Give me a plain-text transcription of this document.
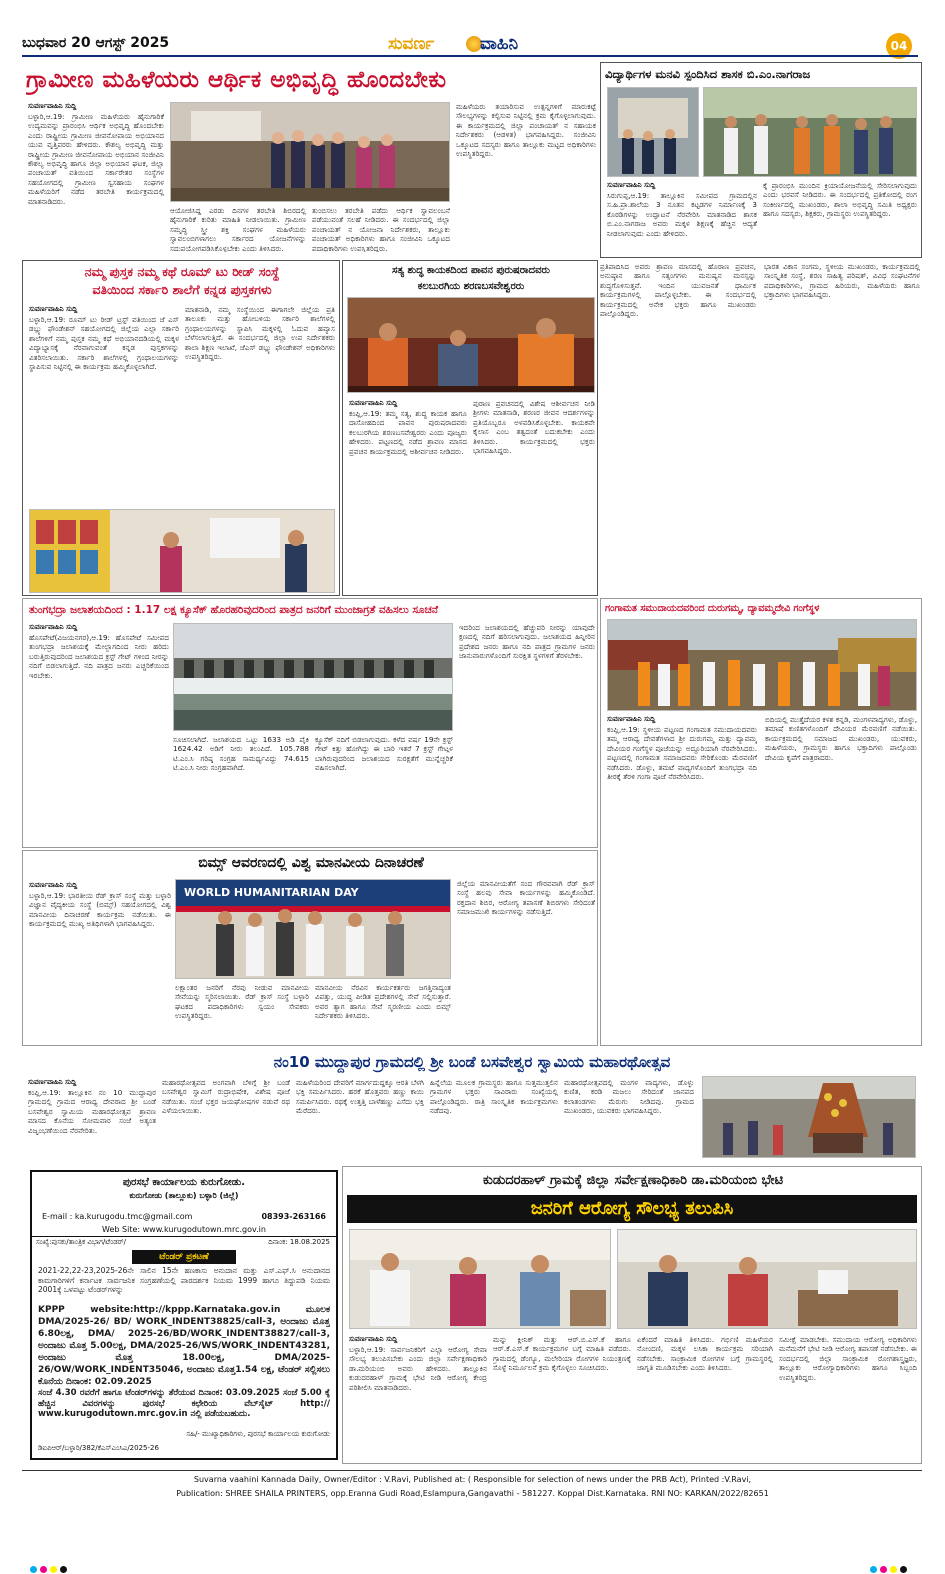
ಬುಧವಾರ 20 ಆಗಸ್ಟ್ 2025	ಸುವರ್ಣ	ವಾಹಿನಿ	04
ಗ್ರಾಮೀಣ ಮಹಿಳೆಯರು ಆರ್ಥಿಕ ಅಭಿವೃದ್ಧಿ ಹೊಂದಬೇಕು
ಸುವರ್ಣವಾಹಿನಿ ಸುದ್ದಿ
ಬಳ್ಳಾರಿ,ಆ.19: ಗ್ರಾಮೀಣ ಮಹಿಳೆಯರು ಹೈನುಗಾರಿಕೆ ಉದ್ಯಮವನ್ನು ಪ್ರಾರಂಭಿಸಿ ಆರ್ಥಿಕ ಅಭಿವೃದ್ಧಿ ಹೊಂದಬೇಕು ಎಂದು ರಾಷ್ಟ್ರೀಯ ಗ್ರಾಮೀಣ ಜೀವನೋಪಾಯ ಅಭಿಯಾನದ ಯುವ ವೃತ್ತಿಪರರು ಹೇಳಿದರು. ಕೌಶಲ್ಯ ಅಭಿವೃದ್ಧಿ ಮತ್ತು ರಾಷ್ಟ್ರೀಯ ಗ್ರಾಮೀಣ ಜೀವನೋಪಾಯ ಅಭಿಯಾನ ಸಂಜೀವಿನಿ ಕೌಶಲ್ಯ ಅಭಿವೃದ್ಧಿ ಹಾಗೂ ಜಿಲ್ಲಾ ಅಭಿಯಾನ ಘಟಕ, ಜಿಲ್ಲಾ ಪಂಚಾಯತ್ ವತಿಯಿಂದ ಸರ್ಕಾರೇತರ ಸಂಸ್ಥೆಗಳ ಸಹಯೋಗದಲ್ಲಿ ಗ್ರಾಮೀಣ ಸ್ವಸಹಾಯ ಸಂಘಗಳ ಮಹಿಳೆಯರಿಗೆ ನಡೆದ ತರಬೇತಿ ಕಾರ್ಯಕ್ರಮದಲ್ಲಿ ಮಾತನಾಡಿದರು.
ಆಯೋಜಿಸಿದ್ದ ಎರಡು ದಿನಗಳ ತರಬೇತಿ ಶಿಬಿರದಲ್ಲಿ ಹೈನುಗಾರಿಕೆ ಕುರಿತು ಮಾಹಿತಿ ನೀಡಲಾಯಿತು. ಗ್ರಾಮೀಣ ಸಮೃದ್ಧಿ ಸ್ತ್ರೀ ಶಕ್ತಿ ಸಂಘಗಳ ಮಹಿಳೆಯರು ಸ್ವಾವಲಂಬಿಗಳಾಗಲು ಸರ್ಕಾರದ ಯೋಜನೆಗಳನ್ನು ಸದುಪಯೋಗಪಡಿಸಿಕೊಳ್ಳಬೇಕು ಎಂದು ತಿಳಿಸಿದರು.
ತುಂಬಿಸಲು ತರಬೇತಿ ಪಡೆದು ಆರ್ಥಿಕ ಸ್ವಾವಲಂಬನೆ ಪಡೆಯುವಂತೆ ಸಲಹೆ ನೀಡಿದರು. ಈ ಸಂದರ್ಭದಲ್ಲಿ ಜಿಲ್ಲಾ ಪಂಚಾಯತ್ ನ ಯೋಜನಾ ನಿರ್ದೇಶಕರು, ತಾಲ್ಲೂಕು ಪಂಚಾಯತ್ ಅಧಿಕಾರಿಗಳು ಹಾಗೂ ಸಂಜೀವಿನಿ ಒಕ್ಕೂಟದ ಪದಾಧಿಕಾರಿಗಳು ಉಪಸ್ಥಿತರಿದ್ದರು.
ಮಹಿಳೆಯರು ತಯಾರಿಸುವ ಉತ್ಪನ್ನಗಳಿಗೆ ಮಾರುಕಟ್ಟೆ ಸೌಲಭ್ಯಗಳನ್ನು ಕಲ್ಪಿಸುವ ನಿಟ್ಟಿನಲ್ಲಿ ಕ್ರಮ ಕೈಗೊಳ್ಳಲಾಗುವುದು. ಈ ಕಾರ್ಯಕ್ರಮದಲ್ಲಿ ಜಿಲ್ಲಾ ಪಂಚಾಯತ್ ನ ಸಹಾಯಕ ನಿರ್ದೇಶಕರು (ಆಡಳಿತ) ಭಾಗವಹಿಸಿದ್ದರು. ಸಂಜೀವಿನಿ ಒಕ್ಕೂಟದ ಸದಸ್ಯರು ಹಾಗೂ ತಾಲ್ಲೂಕು ಮಟ್ಟದ ಅಧಿಕಾರಿಗಳು ಉಪಸ್ಥಿತರಿದ್ದರು.
ವಿದ್ಯಾರ್ಥಿಗಳ ಮನವಿ ಸ್ಪಂದಿಸಿದ ಶಾಸಕ ಬಿ.ಎಂ.ನಾಗರಾಜ
ಸುವರ್ಣವಾಹಿನಿ ಸುದ್ದಿ
ಸಿರುಗುಪ್ಪ,ಆ.19: ತಾಲ್ಲೂಕಿನ ಸಮೀಪದ ಗ್ರಾಮದಲ್ಲಿನ ಸ.ಹಿ.ಪ್ರಾ.ಶಾಲೆಯ 3 ನೂತನ ಕಟ್ಟಡಗಳ ನಿರ್ಮಾಣಕ್ಕೆ 3 ಕೊಠಡಿಗಳನ್ನು ಉದ್ಘಾಟನೆ ನೆರವೇರಿಸಿ ಮಾತನಾಡಿದ ಶಾಸಕ ಬಿ.ಎಂ.ನಾಗರಾಜ ಅವರು ಮಕ್ಕಳ ಶಿಕ್ಷಣಕ್ಕೆ ಹೆಚ್ಚಿನ ಆದ್ಯತೆ ನೀಡಲಾಗುವುದು ಎಂದು ಹೇಳಿದರು.
ಕ್ಕೆ ಪ್ರಾರಂಭಿಸಿ ಮುಂದಿನ ಕ್ರಿಯಾಯೋಜನೆಯಲ್ಲಿ ಸೇರಿಸಲಾಗುವುದು ಎಂದು ಭರವಸೆ ನೀಡಿದರು. ಈ ಸಂದರ್ಭದಲ್ಲಿ ಪ್ರತಿಕೋದಲ್ಲಿ ರಂಗ ಸಂಕೀರ್ಣದಲ್ಲಿ ಮುಖಂಡರು, ಶಾಲಾ ಅಭಿವೃದ್ಧಿ ಸಮಿತಿ ಅಧ್ಯಕ್ಷರು ಹಾಗೂ ಸದಸ್ಯರು, ಶಿಕ್ಷಕರು, ಗ್ರಾಮಸ್ಥರು ಉಪಸ್ಥಿತರಿದ್ದರು.
ನಮ್ಮ ಪುಸ್ತಕ ನಮ್ಮ ಕಥೆ ರೂಮ್ ಟು ರೀಡ್ ಸಂಸ್ಥೆ
ವತಿಯಿಂದ ಸರ್ಕಾರಿ ಶಾಲೆಗೆ ಕನ್ನಡ ಪುಸ್ತಕಗಳು
ಸುವರ್ಣವಾಹಿನಿ ಸುದ್ದಿ
ಬಳ್ಳಾರಿ,ಆ.19: ರೂಮ್ ಟು ರೀಡ್ ಟ್ರಸ್ಟ್ ವತಿಯಿಂದ ಜೆ ಎಸ್ ಡಬ್ಲ್ಯು ಫೌಂಡೇಶನ್ ಸಹಯೋಗದಲ್ಲಿ ಜಿಲ್ಲೆಯ ಎಲ್ಲಾ ಸರ್ಕಾರಿ ಶಾಲೆಗಳಿಗೆ ನಮ್ಮ ಪುಸ್ತಕ ನಮ್ಮ ಕಥೆ ಅಭಿಯಾನದಡಿಯಲ್ಲಿ ಮಕ್ಕಳ ವಿದ್ಯಾಭ್ಯಾಸಕ್ಕೆ ನೆರವಾಗುವಂತೆ ಕನ್ನಡ ಪುಸ್ತಕಗಳನ್ನು ವಿತರಿಸಲಾಯಿತು. ಸರ್ಕಾರಿ ಶಾಲೆಗಳಲ್ಲಿ ಗ್ರಂಥಾಲಯಗಳನ್ನು ಸ್ಥಾಪಿಸುವ ನಿಟ್ಟಿನಲ್ಲಿ ಈ ಕಾರ್ಯಕ್ರಮ ಹಮ್ಮಿಕೊಳ್ಳಲಾಗಿದೆ.
ಮಾತನಾಡಿ, ನಮ್ಮ ಸಂಸ್ಥೆಯಿಂದ ಈಗಾಗಲೇ ಜಿಲ್ಲೆಯ ಪ್ರತಿ ತಾಲೂಕು ಮತ್ತು ಹೋಬಳಿಯ ಸರ್ಕಾರಿ ಶಾಲೆಗಳಲ್ಲಿ ಗ್ರಂಥಾಲಯಗಳನ್ನು ಸ್ಥಾಪಿಸಿ ಮಕ್ಕಳಲ್ಲಿ ಓದುವ ಹವ್ಯಾಸ ಬೆಳೆಸಲಾಗುತ್ತಿದೆ. ಈ ಸಂದರ್ಭದಲ್ಲಿ ಜಿಲ್ಲಾ ಉಪ ನಿರ್ದೇಶಕರು ಶಾಲಾ ಶಿಕ್ಷಣ ಇಲಾಖೆ, ಜೆಎಸ್ ಡಬ್ಲ್ಯು ಫೌಂಡೇಶನ್ ಅಧಿಕಾರಿಗಳು ಉಪಸ್ಥಿತರಿದ್ದರು.
ಸತ್ಯ ಶುದ್ಧ ಕಾಯಕದಿಂದ ಪಾವನ ಪುರುಷರಾದವರು
ಕಲಬುರಗಿಯ ಶರಣಬಸವೇಶ್ವರರು
ಸುವರ್ಣವಾಹಿನಿ ಸುದ್ದಿ
ಕಂಪ್ಲಿ,ಆ.19: ತಮ್ಮ ಸತ್ಯ, ಶುದ್ಧ ಕಾಯಕ ಹಾಗೂ ದಾಸೋಹದಿಂದ ಪಾವನ ಪುರುಷರಾದವರು ಕಲಬುರಗಿಯ ಶರಣಬಸವೇಶ್ವರರು ಎಂದು ಪೂಜ್ಯರು ಹೇಳಿದರು. ಪಟ್ಟಣದಲ್ಲಿ ನಡೆದ ಶ್ರಾವಣ ಮಾಸದ ಪ್ರವಚನ ಕಾರ್ಯಕ್ರಮದಲ್ಲಿ ಆಶೀರ್ವಚನ ನೀಡಿದರು.
ಪುರಾಣ ಪ್ರವಚನದಲ್ಲಿ ವಿಶೇಷ ಆಶೀರ್ವಚನ ನೀಡಿ ಶ್ರೀಗಳು ಮಾತನಾಡಿ, ಶರಣರ ಜೀವನ ಆದರ್ಶಗಳನ್ನು ಪ್ರತಿಯೊಬ್ಬರೂ ಅಳವಡಿಸಿಕೊಳ್ಳಬೇಕು. ಕಾಯಕವೇ ಕೈಲಾಸ ಎಂಬ ತತ್ವದಂತೆ ಬದುಕಬೇಕು ಎಂದು ತಿಳಿಸಿದರು. ಕಾರ್ಯಕ್ರಮದಲ್ಲಿ ಭಕ್ತರು ಭಾಗವಹಿಸಿದ್ದರು.
ಪ್ರತಿಪಾದಿಸಿದ ಅವರು ಶ್ರಾವಣ ಮಾಸದಲ್ಲಿ ಹೊರಾಣ ಪ್ರವಚನ, ಅನುಷ್ಠಾನ ಹಾಗೂ ಸತ್ಸಂಗಗಳು ಮನುಷ್ಯನ ಮನಸ್ಸನ್ನು ಶುದ್ಧಗೊಳಿಸುತ್ತವೆ. ಇಂದಿನ ಯುವಜನತೆ ಧಾರ್ಮಿಕ ಕಾರ್ಯಕ್ರಮಗಳಲ್ಲಿ ಪಾಲ್ಗೊಳ್ಳಬೇಕು. ಈ ಸಂದರ್ಭದಲ್ಲಿ ಕಾರ್ಯಕ್ರಮದಲ್ಲಿ ಅನೇಕ ಭಕ್ತರು ಹಾಗೂ ಮುಖಂಡರು ಪಾಲ್ಗೊಂಡಿದ್ದರು.
ಭಾರತ ವಿಕಾಸ ಸಂಗಮ, ಸ್ಥಳೀಯ ಮುಖಂಡರು, ಕಾರ್ಯಕ್ರಮದಲ್ಲಿ ಸಾಂಸ್ಕೃತಿಕ ಸಂಸ್ಥೆ, ಶರಣ ಸಾಹಿತ್ಯ ಪರಿಷತ್, ವಿವಿಧ ಸಂಘಟನೆಗಳ ಪದಾಧಿಕಾರಿಗಳು, ಗ್ರಾಮದ ಹಿರಿಯರು, ಮಹಿಳೆಯರು ಹಾಗೂ ಭಕ್ತಾದಿಗಳು ಭಾಗವಹಿಸಿದ್ದರು.
ತುಂಗಭದ್ರಾ ಜಲಾಶಯದಿಂದ : 1.17 ಲಕ್ಷ ಕ್ಯೂಸೆಕ್ ಹೊರಹರಿವುದರಿಂದ ಪಾತ್ರದ ಜನರಿಗೆ ಮುಂಜಾಗ್ರತೆ ವಹಿಸಲು ಸೂಚನೆ
ಸುವರ್ಣವಾಹಿನಿ ಸುದ್ದಿ
ಹೊಸಪೇಟೆ(ವಿಜಯನಗರ),ಆ.19: ಹೊಸಪೇಟೆ ಸಮೀಪದ ತುಂಗಭದ್ರಾ ಜಲಾಶಯಕ್ಕೆ ಮೇಲ್ಭಾಗದಿಂದ ನೀರು ಹರಿದು ಬರುತ್ತಿರುವುದರಿಂದ ಜಲಾಶಯದ ಕ್ರಸ್ಟ್ ಗೇಟ್ ಗಳಿಂದ ನೀರನ್ನು ನದಿಗೆ ಬಿಡಲಾಗುತ್ತಿದೆ. ನದಿ ಪಾತ್ರದ ಜನರು ಎಚ್ಚರಿಕೆಯಿಂದ ಇರಬೇಕು.
ಸೂಚಿಸಲಾಗಿದೆ. ಜಲಾಶಯದ ಒಟ್ಟು 1633 ಅಡಿ ಪೈಕಿ 1624.42 ಅಡಿಗೆ ನೀರು ತಲುಪಿದೆ. 105.788 ಟಿ.ಎಂ.ಸಿ ಗರಿಷ್ಠ ಸಂಗ್ರಹ ಸಾಮರ್ಥ್ಯವಿದ್ದು 74.615 ಟಿ.ಎಂ.ಸಿ ನೀರು ಸಂಗ್ರಹವಾಗಿದೆ.
ಕ್ಯೂಸೆಕ್ ನದಿಗೆ ಬಿಡಲಾಗುವುದು. ಕಳೆದ ವರ್ಷ 19ನೇ ಕ್ರಸ್ಟ್ ಗೇಟ್ ಕಿತ್ತು ಹೋಗಿದ್ದು ಈ ಬಾರಿ ಇತರೆ 7 ಕ್ರಸ್ಟ್ ಗೇಟ್ಗಳ ಬಾಗಿರುವುದರಿಂದ ಜಲಾಶಯದ ಸುರಕ್ಷತೆಗೆ ಮುನ್ನೆಚ್ಚರಿಕೆ ವಹಿಸಲಾಗಿದೆ.
ಇದರಿಂದ ಜಲಾಶಯದಲ್ಲಿ ಹೆಚ್ಚುವರಿ ನೀರನ್ನು ಯಾವುದೇ ಕ್ಷಣದಲ್ಲಿ ನದಿಗೆ ಹರಿಸಲಾಗುವುದು. ಜಲಾಶಯದ ಹಿನ್ನೀರಿನ ಪ್ರದೇಶದ ಜನರು ಹಾಗೂ ನದಿ ಪಾತ್ರದ ಗ್ರಾಮಗಳ ಜನರು ಜಾನುವಾರುಗಳೊಂದಿಗೆ ಸುರಕ್ಷಿತ ಸ್ಥಳಗಳಿಗೆ ತೆರಳಬೇಕು.
ಗಂಗಾಮತ ಸಮುದಾಯದವರಿಂದ ದುರುಗಮ್ಮ, ದ್ಯಾವಮ್ಮದೇವಿ ಗಂಗೆಸ್ಥಳ
ಸುವರ್ಣವಾಹಿನಿ ಸುದ್ದಿ
ಕಂಪ್ಲಿ,ಆ.19: ಸ್ಥಳೀಯ ಪಟ್ಟಣದ ಗಂಗಾಮತ ಸಮುದಾಯದವರು ತಮ್ಮ ಆರಾಧ್ಯ ದೇವತೆಗಳಾದ ಶ್ರೀ ದುರುಗಮ್ಮ ಮತ್ತು ದ್ಯಾವಮ್ಮ ದೇವಿಯರ ಗಂಗೆಸ್ಥಳ ಪೂಜೆಯನ್ನು ಅದ್ದೂರಿಯಾಗಿ ನೆರವೇರಿಸಿದರು. ಪಟ್ಟಣದಲ್ಲಿ ಗಂಗಾಮತ ಸಮಾಜದವರು ಸೇರಿಕೊಂಡು ಮೆರವಣಿಗೆ ನಡೆಸಿದರು. ಡೊಳ್ಳು, ತಮಟೆ ವಾದ್ಯಗಳೊಂದಿಗೆ ತುಂಗಭದ್ರಾ ನದಿ ತೀರಕ್ಕೆ ತೆರಳಿ ಗಂಗಾ ಪೂಜೆ ನೆರವೇರಿಸಿದರು.
ಬಿದಿಯಲ್ಲಿ ಮುತ್ತೈದೆಯರ ಕಳಶ ಕನ್ನಡಿ, ಮಂಗಳವಾದ್ಯಗಳು, ಡೊಳ್ಳು, ತಮಾಷೆ ಕುಣಿತಗಳೊಂದಿಗೆ ದೇವಿಯರ ಮೆರವಣಿಗೆ ನಡೆಯಿತು. ಕಾರ್ಯಕ್ರಮದಲ್ಲಿ ಸಮಾಜದ ಮುಖಂಡರು, ಯುವಕರು, ಮಹಿಳೆಯರು, ಗ್ರಾಮಸ್ಥರು ಹಾಗೂ ಭಕ್ತಾದಿಗಳು ಪಾಲ್ಗೊಂಡು ದೇವಿಯ ಕೃಪೆಗೆ ಪಾತ್ರರಾದರು.
ಬಿಮ್ಸ್ ಆವರಣದಲ್ಲಿ ವಿಶ್ವ ಮಾನವೀಯ ದಿನಾಚರಣೆ
ಸುವರ್ಣವಾಹಿನಿ ಸುದ್ದಿ
ಬಳ್ಳಾರಿ,ಆ.19: ಭಾರತೀಯ ರೆಡ್ ಕ್ರಾಸ್ ಸಂಸ್ಥೆ ಮತ್ತು ಬಳ್ಳಾರಿ ವಿಜ್ಞಾನ ವೈದ್ಯಕೀಯ ಸಂಸ್ಥೆ (ಬಿಮ್ಸ್) ಸಹಯೋಗದಲ್ಲಿ ವಿಶ್ವ ಮಾನವೀಯ ದಿನಾಚರಣೆ ಕಾರ್ಯಕ್ರಮ ನಡೆಯಿತು. ಈ ಕಾರ್ಯಕ್ರಮದಲ್ಲಿ ಮುಖ್ಯ ಅತಿಥಿಗಳಾಗಿ ಭಾಗವಹಿಸಿದ್ದರು.
WORLD HUMANITARIAN DAY
ಲಕ್ಷಾಂತರ ಜನರಿಗೆ ನೆರವು ನೀಡುವ ಮಾನವೀಯ ಸೇವೆಯನ್ನು ಸ್ಮರಿಸಲಾಯಿತು. ರೆಡ್ ಕ್ರಾಸ್ ಸಂಸ್ಥೆ ಬಳ್ಳಾರಿ ಘಟಕದ ಪದಾಧಿಕಾರಿಗಳು ಸ್ವಯಂ ಸೇವಕರು ಉಪಸ್ಥಿತರಿದ್ದರು.
ಮಾನವೀಯ ನೆರವಿನ ಕಾರ್ಯಕರ್ತರು ಜಗತ್ತಿನಾದ್ಯಂತ ವಿಪತ್ತು, ಯುದ್ಧ ಪೀಡಿತ ಪ್ರದೇಶಗಳಲ್ಲಿ ಸೇವೆ ಸಲ್ಲಿಸುತ್ತಾರೆ. ಅವರ ತ್ಯಾಗ ಹಾಗೂ ಸೇವೆ ಸ್ಮರಣೀಯ ಎಂದು ಬಿಮ್ಸ್ ನಿರ್ದೇಶಕರು ತಿಳಿಸಿದರು.
ಜಿಲ್ಲೆಯ ಮಾನವೀಯತೆಗೆ ಸಂದ ಗೌರವವಾಗಿ ರೆಡ್ ಕ್ರಾಸ್ ಸಂಸ್ಥೆ ಹಲವು ಸೇವಾ ಕಾರ್ಯಗಳನ್ನು ಹಮ್ಮಿಕೊಂಡಿದೆ. ರಕ್ತದಾನ ಶಿಬಿರ, ಆರೋಗ್ಯ ತಪಾಸಣೆ ಶಿಬಿರಗಳು ಸೇರಿದಂತೆ ಸಮಾಜಮುಖಿ ಕಾರ್ಯಗಳನ್ನು ನಡೆಸುತ್ತಿದೆ.
ನಂ10 ಮುದ್ದಾಪುರ ಗ್ರಾಮದಲ್ಲಿ ಶ್ರೀ ಬಂಡೆ ಬಸವೇಶ್ವರ ಸ್ವಾಮಿಯ ಮಹಾರಥೋತ್ಸವ
ಸುವರ್ಣವಾಹಿನಿ ಸುದ್ದಿ
ಕಂಪ್ಲಿ,ಆ.19: ತಾಲ್ಲೂಕಿನ ನಂ 10 ಮುದ್ದಾಪುರ ಗ್ರಾಮದಲ್ಲಿ ಗ್ರಾಮದ ಆರಾಧ್ಯ ದೇವರಾದ ಶ್ರೀ ಬಂಡೆ ಬಸವೇಶ್ವರ ಸ್ವಾಮಿಯ ಮಹಾರಥೋತ್ಸವ ಶ್ರಾವಣ ಮಾಸದ ಕೊನೆಯ ಸೋಮವಾರ ಸಂಜೆ ಅತ್ಯಂತ ವಿಜೃಂಭಣೆಯಿಂದ ನೆರವೇರಿತು.
ಮಹಾರಥೋತ್ಸವದ ಅಂಗವಾಗಿ ಬೆಳಿಗ್ಗೆ ಶ್ರೀ ಬಂಡೆ ಬಸವೇಶ್ವರ ಸ್ವಾಮಿಗೆ ರುದ್ರಾಭಿಷೇಕ, ವಿಶೇಷ ಪೂಜೆ ನಡೆಯಿತು. ಸಂಜೆ ಭಕ್ತರ ಜಯಘೋಷಗಳ ನಡುವೆ ರಥ ಎಳೆಯಲಾಯಿತು.
ಮಹಿಳೆಯರಿಂದ ದೇವರಿಗೆ ಮಾರ್ಗದುದ್ದಕ್ಕೂ ಆರತಿ ಬೆಳಗಿ ಭಕ್ತಿ ಸಮರ್ಪಿಸಿದರು. ಹರಕೆ ಹೊತ್ತವರು ಹಣ್ಣು ಕಾಯಿ ಸಮರ್ಪಿಸಿದರು. ರಥಕ್ಕೆ ಉತ್ತತ್ತಿ ಬಾಳೆಹಣ್ಣು ಎಸೆದು ಭಕ್ತಿ ಮೆರೆದರು.
ಹಿನ್ನೆಲೆಯ ಮೂಲಕ ಗ್ರಾಮಸ್ಥರು ಹಾಗೂ ಸುತ್ತಮುತ್ತಲಿನ ಗ್ರಾಮಗಳ ಭಕ್ತರು ಸಾವಿರಾರು ಸಂಖ್ಯೆಯಲ್ಲಿ ಪಾಲ್ಗೊಂಡಿದ್ದರು. ರಾತ್ರಿ ಸಾಂಸ್ಕೃತಿಕ ಕಾರ್ಯಕ್ರಮಗಳು ನಡೆದವು.
ಮಹಾರಥೋತ್ಸವದಲ್ಲಿ ಮಂಗಳ ವಾದ್ಯಗಳು, ಡೊಳ್ಳು ಕುಣಿತ, ಕರಡಿ ಮಜಲು ಸೇರಿದಂತೆ ಜಾನಪದ ಕಲಾತಂಡಗಳು ಮೆರುಗು ನೀಡಿದವು. ಗ್ರಾಮದ ಮುಖಂಡರು, ಯುವಕರು ಭಾಗವಹಿಸಿದ್ದರು.
ಪುರಸಭೆ ಕಾರ್ಯಾಲಯ ಕುರುಗೋಡು.
ಕುರುಗೋಡು (ತಾಲ್ಲೂಕು) ಬಳ್ಳಾರಿ (ಜಿಲ್ಲೆ)
E-mail : ka.kurugodu.tmc@gmail.com	08393-263166
Web Site: www.kurugodutown.mrc.gov.in
ಸಂಖ್ಯೆ:ಪುಸಕು/ತಾಂತ್ರಿಕ ವಿಭಾಗ/ಟೆಂಡರ್/	ದಿನಾಂಕ: 18.08.2025
ಟೆಂಡರ್ ಪ್ರಕಟಣೆ
2021-22,22-23,2025-26ನೇ ಸಾಲಿನ 15ನೇ ಹಣಕಾಸು ಅನುದಾನ ಮತ್ತು ಎಸ್.ಎಫ್.ಸಿ ಅನುದಾನದ ಕಾಮಗಾರಿಗಳಿಗೆ ಕರ್ನಾಟಕ ಸಾರ್ವಜನಿಕ ಸಂಗ್ರಹಣೆಯಲ್ಲಿ ಪಾರದರ್ಶಕ ನಿಯಮ 1999 ಹಾಗೂ ತಿದ್ದುಪಡಿ ನಿಯಮ 2001ಕ್ಕೆ ಒಳಪಟ್ಟು ಟೆಂಡರ್‌ಗಳನ್ನು
KPPP website:http://kppp.Karnataka.gov.in ಮೂಲಕ DMA/2025-26/ BD/ WORK_INDENT38825/call-3, ಅಂದಾಜು ಮೊತ್ತ 6.80ಲಕ್ಷ, DMA/ 2025-26/BD/WORK_INDENT38827/call-3, ಅಂದಾಜು ಮೊತ್ತ 5.00ಲಕ್ಷ, DMA/2025-26/WS/WORK_INDENT43281, ಅಂದಾಜು ಮೊತ್ತ 18.00ಲಕ್ಷ, DMA/2025-26/OW/WORK_INDENT35046, ಅಂದಾಜು ಮೊತ್ತ1.54 ಲಕ್ಷ, ಟೆಂಡರ್ ಸಲ್ಲಿಸಲು ಕೊನೆಯ ದಿನಾಂಕ: 02.09.2025
ಸಂಜೆ 4.30 ರವರೆಗೆ ಹಾಗೂ ಟೆಂಡರ್‌ಗಳನ್ನು ತೆರೆಯುವ ದಿನಾಂಕ: 03.09.2025 ಸಂಜೆ 5.00 ಕ್ಕೆ ಹೆಚ್ಚಿನ ವಿವರಗಳನ್ನು ಪುರಸಭೆ ಕಛೇರಿಯ ವೆಬ್‌ಸೈಟ್ http:// www.kurugodutown.mrc.gov.in ನಲ್ಲಿ ಪಡೆಯಬಹುದು.
ಸಹಿ/- ಮುಖ್ಯಾಧಿಕಾರಿಗಳು, ಪುರಸಭೆ ಕಾರ್ಯಾಲಯ ಕುರುಗೋಡು
ಡಿಐಪಿಆರ್/ಬಳ್ಳಾರಿ/382/ಕೆಎಸ್‌ಎಂಸಿಎ/2025-26
ಕುಡುದರಹಾಳ್ ಗ್ರಾಮಕ್ಕೆ ಜಿಲ್ಲಾ ಸರ್ವೇಕ್ಷಣಾಧಿಕಾರಿ ಡಾ.ಮರಿಯಂಬಿ ಭೇಟಿ
ಜನರಿಗೆ ಆರೋಗ್ಯ ಸೌಲಭ್ಯ ತಲುಪಿಸಿ
ಸುವರ್ಣವಾಹಿನಿ ಸುದ್ದಿ
ಬಳ್ಳಾರಿ,ಆ.19: ಸಾರ್ವಜನಿಕರಿಗೆ ಎಲ್ಲಾ ಆರೋಗ್ಯ ಸೇವಾ ಸೌಲಭ್ಯ ತಲುಪಿಸಬೇಕು ಎಂದು ಜಿಲ್ಲಾ ಸರ್ವೇಕ್ಷಣಾಧಿಕಾರಿ ಡಾ.ಮರಿಯಂಬಿ ಅವರು ಹೇಳಿದರು. ತಾಲ್ಲೂಕಿನ ಕುಡುದರಹಾಳ್ ಗ್ರಾಮಕ್ಕೆ ಭೇಟಿ ನೀಡಿ ಆರೋಗ್ಯ ಕೇಂದ್ರ ಪರಿಶೀಲಿಸಿ ಮಾತನಾಡಿದರು.
ಮನ್ನು ಕ್ಲೀನಿಕ್ ಮತ್ತು ಆರ್.ಬಿ.ಎಸ್.ಕೆ ಹಾಗೂ ಆರ್.ಕೆ.ಎಸ್.ಕೆ ಕಾರ್ಯಕ್ರಮಗಳ ಬಗ್ಗೆ ಮಾಹಿತಿ ಪಡೆದರು. ಗ್ರಾಮದಲ್ಲಿ ಡೆಂಗ್ಯೂ, ಮಲೇರಿಯಾ ರೋಗಗಳ ನಿಯಂತ್ರಣಕ್ಕೆ ಸೊಳ್ಳೆ ನಿರ್ಮೂಲನೆ ಕ್ರಮ ಕೈಗೊಳ್ಳಲು ಸೂಚಿಸಿದರು.
ಏಕೆಂದರೆ ಮಾಹಿತಿ ತಿಳಿಸಿದರು. ಗರ್ಭಿಣಿ ಮಹಿಳೆಯರ ನೋಂದಣಿ, ಮಕ್ಕಳ ಲಸಿಕಾ ಕಾರ್ಯಕ್ರಮ ಸರಿಯಾಗಿ ನಡೆಸಬೇಕು. ಸಾಂಕ್ರಾಮಿಕ ರೋಗಗಳ ಬಗ್ಗೆ ಗ್ರಾಮಸ್ಥರಲ್ಲಿ ಜಾಗೃತಿ ಮೂಡಿಸಬೇಕು ಎಂದು ತಿಳಿಸಿದರು.
ಸಮೀಕ್ಷೆ ಮಾಡಬೇಕು. ಸಮುದಾಯ ಆರೋಗ್ಯ ಅಧಿಕಾರಿಗಳು ಮನೆಮನೆಗೆ ಭೇಟಿ ನೀಡಿ ಆರೋಗ್ಯ ತಪಾಸಣೆ ನಡೆಸಬೇಕು. ಈ ಸಂದರ್ಭದಲ್ಲಿ ಜಿಲ್ಲಾ ಸಾಂಕ್ರಾಮಿಕ ರೋಗಶಾಸ್ತ್ರಜ್ಞರು, ತಾಲ್ಲೂಕು ಆರೋಗ್ಯಾಧಿಕಾರಿಗಳು ಹಾಗೂ ಸಿಬ್ಬಂದಿ ಉಪಸ್ಥಿತರಿದ್ದರು.
Suvarna vaahini Kannada Daily, Owner/Editor : V.Ravi, Published at: ( Responsible for selection of news under the PRB Act), Printed :V.Ravi,
Publication: SHREE SHAILA PRINTERS, opp.Eranna Gudi Road,Eslampura,Gangavathi - 581227. Koppal Dist.Karnataka. RNI NO: KARKAN/2022/82651
